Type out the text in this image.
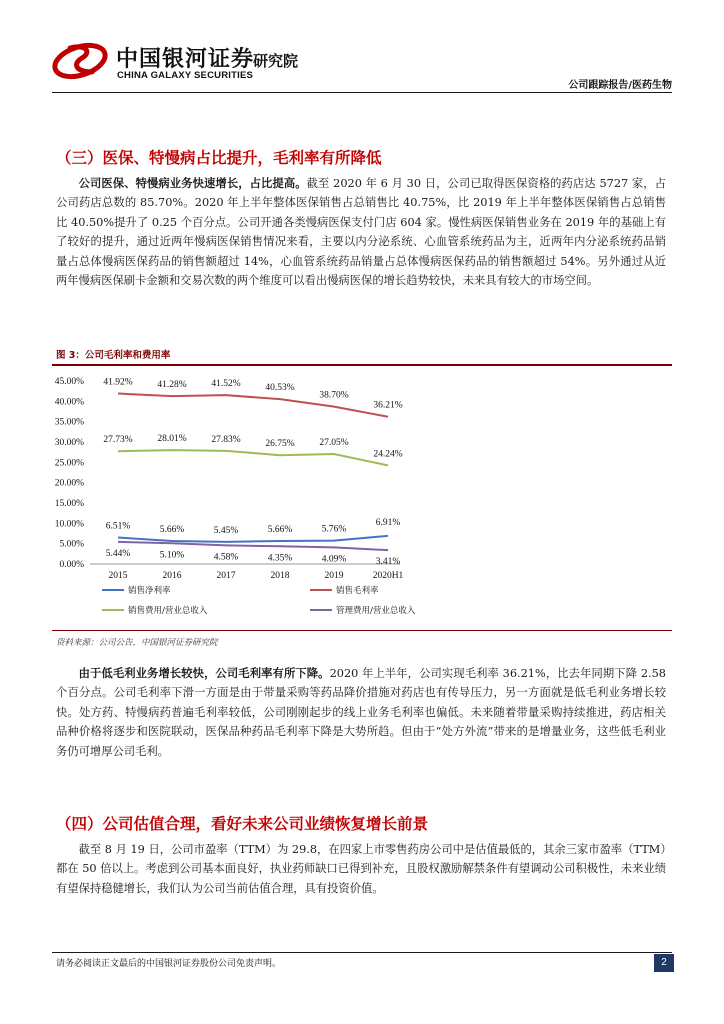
中国银河证券
CHINA GALAXY SECURITIES
研究院
公司跟踪报告/医药生物
（三）医保、特慢病占比提升，毛利率有所降低

公司医保、特慢病业务快速增长，占比提高。截至 2020 年 6 月 30 日，公司已取得医保资格的药店达 5727 家，占公司药店总数的 85.70%。2020 年上半年整体医保销售占总销售比 40.75%，比 2019 年上半年整体医保销售占总销售比 40.50%提升了 0.25 个百分点。公司开通各类慢病医保支付门店 604 家。慢性病医保销售业务在 2019 年的基础上有了较好的提升，通过近两年慢病医保销售情况来看，主要以内分泌系统、心血管系统药品为主，近两年内分泌系统药品销量占总体慢病医保药品的销售额超过 14%，心血管系统药品销量占总体慢病医保药品的销售额超过 54%。另外通过从近两年慢病医保刷卡金额和交易次数的两个维度可以看出慢病医保的增长趋势较快，未来具有较大的市场空间。

图 3：公司毛利率和费用率
45.00%
40.00%
35.00%
30.00%
25.00%
20.00%
15.00%
10.00%
5.00%
0.00%
2015	2016	2017	2018	2019	2020H1
6.51%	5.66%	5.45%	5.66%	5.76%
6.91%
41.92%	41.28%	41.52%	40.53%
38.70%
36.21%
27.73%	28.01%	27.83%	26.75%	27.05%
24.24%
5.44%	5.10%	4.58%	4.35%	4.09%	3.41%
销售净利率	销售毛利率
销售费用/营业总收入	管理费用/营业总收入
资料来源：公司公告，中国银河证券研究院

由于低毛利业务增长较快，公司毛利率有所下降。2020 年上半年，公司实现毛利率 36.21%，比去年同期下降 2.58 个百分点。公司毛利率下滑一方面是由于带量采购等药品降价措施对药店也有传导压力，另一方面就是低毛利业务增长较快。处方药、特慢病药普遍毛利率较低，公司刚刚起步的线上业务毛利率也偏低。未来随着带量采购持续推进，药店相关品种价格将逐步和医院联动，医保品种药品毛利率下降是大势所趋。但由于“处方外流”带来的是增量业务，这些低毛利业务仍可增厚公司毛利。

（四）公司估值合理，看好未来公司业绩恢复增长前景

截至 8 月 19 日，公司市盈率（TTM）为 29.8，在四家上市零售药房公司中是估值最低的，其余三家市盈率（TTM）都在 50 倍以上。考虑到公司基本面良好，执业药师缺口已得到补充，且股权激励解禁条件有望调动公司积极性，未来业绩有望保持稳健增长，我们认为公司当前估值合理，具有投资价值。

请务必阅读正文最后的中国银河证券股份公司免责声明。	2
